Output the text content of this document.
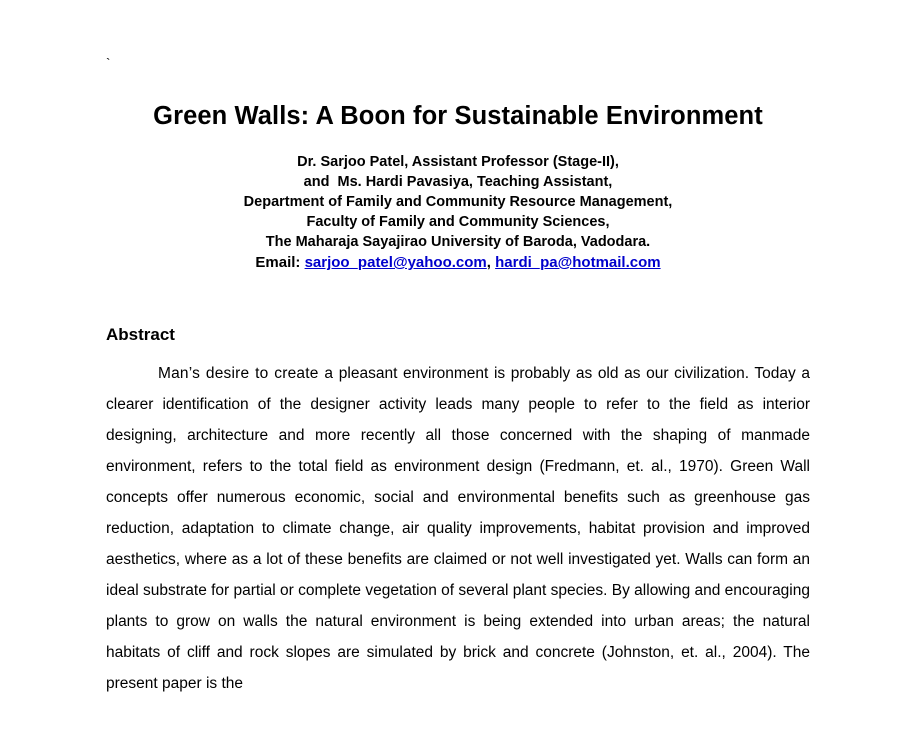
`
Green Walls: A Boon for Sustainable Environment
Dr. Sarjoo Patel, Assistant Professor (Stage-II),
and  Ms. Hardi Pavasiya, Teaching Assistant,
Department of Family and Community Resource Management,
Faculty of Family and Community Sciences,
The Maharaja Sayajirao University of Baroda, Vadodara.
Email: sarjoo_patel@yahoo.com, hardi_pa@hotmail.com
Abstract

Man’s desire to create a pleasant environment is probably as old as our civilization. Today a clearer identification of the designer activity leads many people to refer to the field as interior designing, architecture and more recently all those concerned with the shaping of manmade environment, refers to the total field as environment design (Fredmann, et. al., 1970). Green Wall concepts offer numerous economic, social and environmental benefits such as greenhouse gas reduction, adaptation to climate change, air quality improvements, habitat provision and improved aesthetics, where as a lot of these benefits are claimed or not well investigated yet. Walls can form an ideal substrate for partial or complete vegetation of several plant species. By allowing and encouraging plants to grow on walls the natural environment is being extended into urban areas; the natural habitats of cliff and rock slopes are simulated by brick and concrete (Johnston, et. al., 2004). The present paper is the
